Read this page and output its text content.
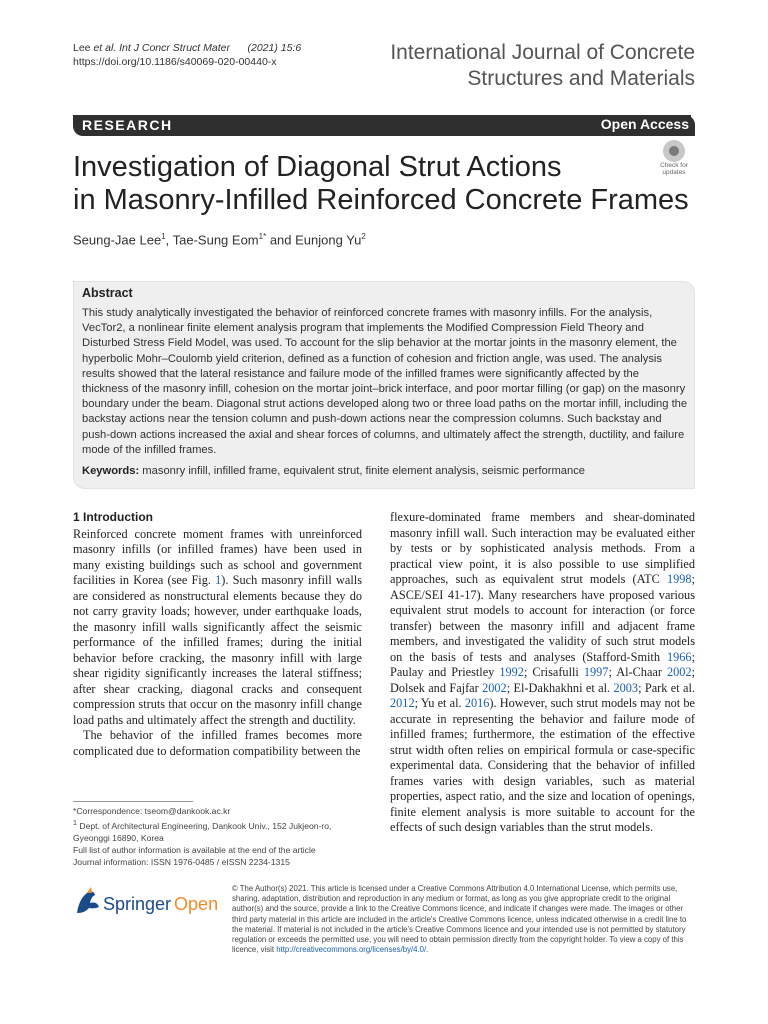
Lee et al. Int J Concr Struct Mater (2021) 15:6
https://doi.org/10.1186/s40069-020-00440-x	International Journal of Concrete
Structures and Materials
RESEARCH	Open Access
Investigation of Diagonal Strut Actions
in Masonry-Infilled Reinforced Concrete Frames
Check for
updates
Seung-Jae Lee$^1$, Tae-Sung Eom$^{1*}$ and Eunjong Yu$^2$
Abstract

This study analytically investigated the behavior of reinforced concrete frames with masonry infills. For the analysis, VecTor2, a nonlinear finite element analysis program that implements the Modified Compression Field Theory and Disturbed Stress Field Model, was used. To account for the slip behavior at the mortar joints in the masonry element, the hyperbolic Mohr–Coulomb yield criterion, defined as a function of cohesion and friction angle, was used. The analysis results showed that the lateral resistance and failure mode of the infilled frames were significantly affected by the thickness of the masonry infill, cohesion on the mortar joint–brick interface, and poor mortar filling (or gap) on the masonry boundary under the beam. Diagonal strut actions developed along two or three load paths on the mortar infill, including the backstay actions near the tension column and push-down actions near the compression columns. Such backstay and push-down actions increased the axial and shear forces of columns, and ultimately affect the strength, ductility, and failure mode of the infilled frames.

Keywords: masonry infill, infilled frame, equivalent strut, finite element analysis, seismic performance
1 Introduction

Reinforced concrete moment frames with unreinforced masonry infills (or infilled frames) have been used in many existing buildings such as school and government facilities in Korea (see Fig. 1). Such masonry infill walls are considered as nonstructural elements because they do not carry gravity loads; however, under earthquake loads, the masonry infill walls significantly affect the seismic performance of the infilled frames; during the initial behavior before cracking, the masonry infill with large shear rigidity significantly increases the lateral stiffness; after shear cracking, diagonal cracks and consequent compression struts that occur on the masonry infill change load paths and ultimately affect the strength and ductility.

The behavior of the infilled frames becomes more complicated due to deformation compatibility between the

flexure-dominated frame members and shear-dominated masonry infill wall. Such interaction may be evaluated either by tests or by sophisticated analysis methods. From a practical view point, it is also possible to use simplified approaches, such as equivalent strut models (ATC 1998; ASCE/SEI 41-17). Many researchers have proposed various equivalent strut models to account for interaction (or force transfer) between the masonry infill and adjacent frame members, and investigated the validity of such strut models on the basis of tests and analyses (Stafford-Smith 1966; Paulay and Priestley 1992; Crisafulli 1997; Al-Chaar 2002; Dolsek and Fajfar 2002; El-Dakhakhni et al. 2003; Park et al. 2012; Yu et al. 2016). However, such strut models may not be accurate in representing the behavior and failure mode of infilled frames; furthermore, the estimation of the effective strut width often relies on empirical formula or case-specific experimental data. Considering that the behavior of infilled frames varies with design variables, such as material properties, aspect ratio, and the size and location of openings, finite element analysis is more suitable to account for the effects of such design variables than the strut models.

*Correspondence: tseom@dankook.ac.kr
$^1$ Dept. of Architectural Engineering, Dankook Univ., 152 Jukjeon-ro, Gyeonggi 16890, Korea
Full list of author information is available at the end of the article
Journal information: ISSN 1976-0485 / eISSN 2234-1315
Springer Open
© The Author(s) 2021. This article is licensed under a Creative Commons Attribution 4.0 International License, which permits use, sharing, adaptation, distribution and reproduction in any medium or format, as long as you give appropriate credit to the original author(s) and the source, provide a link to the Creative Commons licence, and indicate if changes were made. The images or other third party material in this article are included in the article's Creative Commons licence, unless indicated otherwise in a credit line to the material. If material is not included in the article's Creative Commons licence and your intended use is not permitted by statutory regulation or exceeds the permitted use, you will need to obtain permission directly from the copyright holder. To view a copy of this licence, visit http://creativecommons.org/licenses/by/4.0/.
